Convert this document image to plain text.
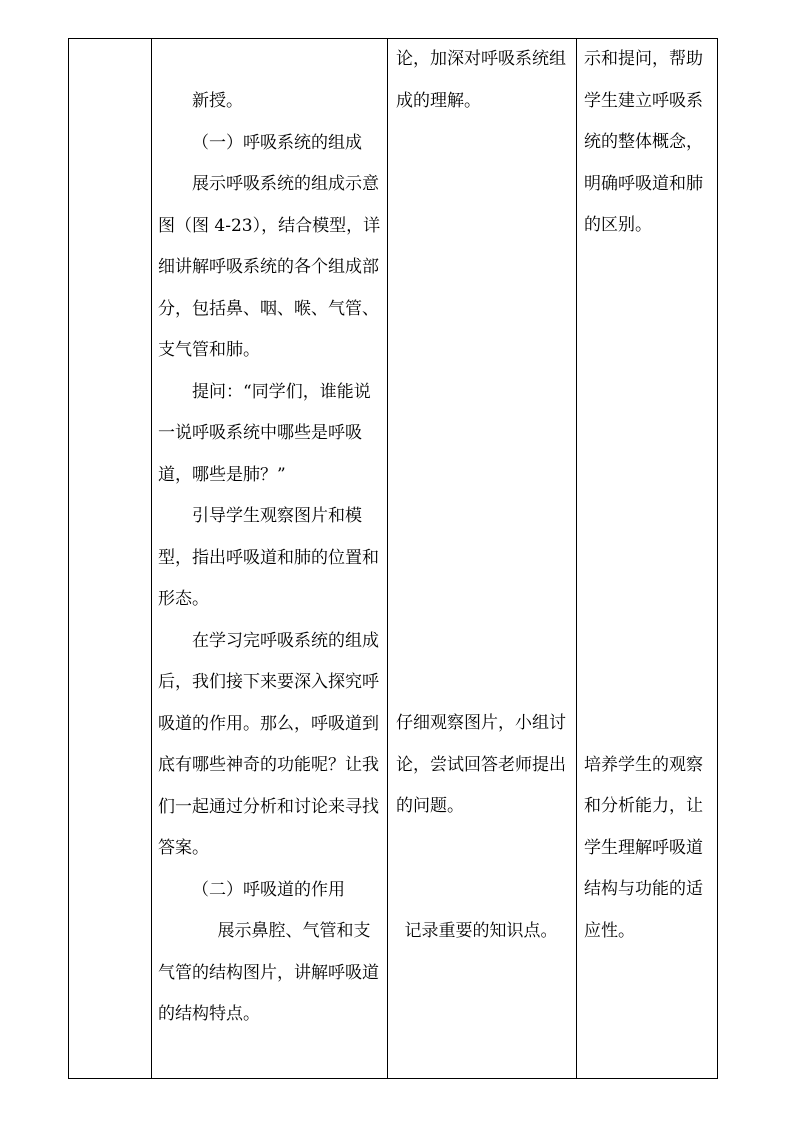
新授。

（一）呼吸系统的组成

展示呼吸系统的组成示意图（图 4-23），结合模型，详细讲解呼吸系统的各个组成部分，包括鼻、咽、喉、气管、支气管和肺。

提问：“同学们，谁能说一说呼吸系统中哪些是呼吸道，哪些是肺？”

引导学生观察图片和模型，指出呼吸道和肺的位置和形态。

在学习完呼吸系统的组成后，我们接下来要深入探究呼吸道的作用。那么，呼吸道到底有哪些神奇的功能呢？让我们一起通过分析和讨论来寻找答案。

（二）呼吸道的作用

展示鼻腔、气管和支气管的结构图片，讲解呼吸道的结构特点。

论，加深对呼吸系统组成的理解。

仔细观察图片，小组讨论，尝试回答老师提出的问题。

记录重要的知识点。

示和提问，帮助学生建立呼吸系统的整体概念，明确呼吸道和肺的区别。

培养学生的观察和分析能力，让学生理解呼吸道结构与功能的适应性。
